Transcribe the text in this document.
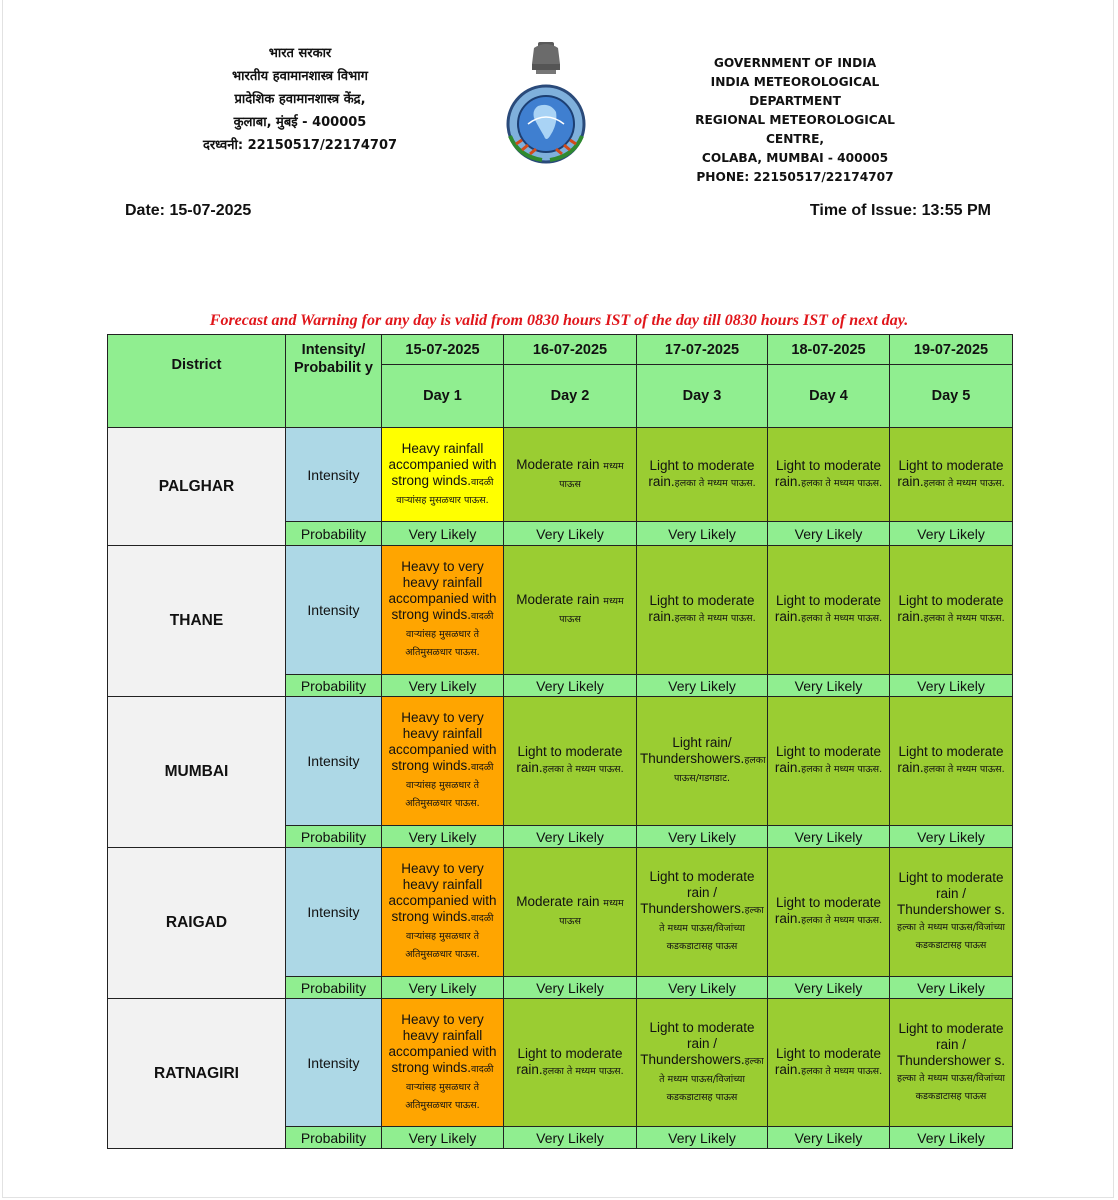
भारत सरकार
भारतीय हवामानशास्त्र विभाग
प्रादेशिक हवामानशास्त्र केंद्र,
कुलाबा, मुंबई - 400005
दरध्वनी: 22150517/22174707
GOVERNMENT OF INDIA
INDIA METEOROLOGICAL DEPARTMENT
REGIONAL METEOROLOGICAL CENTRE,
COLABA, MUMBAI - 400005
PHONE: 22150517/22174707
Date: 15-07-2025	Time of Issue: 13:55 PM
Forecast and Warning for any day is valid from 0830 hours IST of the day till 0830 hours IST of next day.
District	Intensity/ Probabilit y	15-07-2025	16-07-2025	17-07-2025	18-07-2025	19-07-2025
		Day 1	Day 2	Day 3	Day 4	Day 5
PALGHAR	Intensity	Heavy rainfall accompanied with strong winds.वादळी वाऱ्यांसह मुसळधार पाऊस.	Moderate rain मध्यम पाऊस	Light to moderate rain.हलका ते मध्यम पाऊस.	Light to moderate rain.हलका ते मध्यम पाऊस.	Light to moderate rain.हलका ते मध्यम पाऊस.
	Probability	Very Likely	Very Likely	Very Likely	Very Likely	Very Likely
THANE	Intensity	Heavy to very heavy rainfall accompanied with strong winds.वादळी वाऱ्यांसह मुसळधार ते अतिमुसळधार पाऊस.	Moderate rain मध्यम पाऊस	Light to moderate rain.हलका ते मध्यम पाऊस.	Light to moderate rain.हलका ते मध्यम पाऊस.	Light to moderate rain.हलका ते मध्यम पाऊस.
	Probability	Very Likely	Very Likely	Very Likely	Very Likely	Very Likely
MUMBAI	Intensity	Heavy to very heavy rainfall accompanied with strong winds.वादळी वाऱ्यांसह मुसळधार ते अतिमुसळधार पाऊस.	Light to moderate rain.हलका ते मध्यम पाऊस.	Light rain/ Thundershowers.हलका पाऊस/गडगडाट.	Light to moderate rain.हलका ते मध्यम पाऊस.	Light to moderate rain.हलका ते मध्यम पाऊस.
	Probability	Very Likely	Very Likely	Very Likely	Very Likely	Very Likely
RAIGAD	Intensity	Heavy to very heavy rainfall accompanied with strong winds.वादळी वाऱ्यांसह मुसळधार ते अतिमुसळधार पाऊस.	Moderate rain मध्यम पाऊस	Light to moderate rain / Thundershowers.हल्का ते मध्यम पाऊस/विजांच्या कडकडाटासह पाऊस	Light to moderate rain.हलका ते मध्यम पाऊस.	Light to moderate rain / Thundershower s. हल्का ते मध्यम पाऊस/विजांच्या कडकडाटासह पाऊस
	Probability	Very Likely	Very Likely	Very Likely	Very Likely	Very Likely
RATNAGIRI	Intensity	Heavy to very heavy rainfall accompanied with strong winds.वादळी वाऱ्यांसह मुसळधार ते अतिमुसळधार पाऊस.	Light to moderate rain.हलका ते मध्यम पाऊस.	Light to moderate rain / Thundershowers.हल्का ते मध्यम पाऊस/विजांच्या कडकडाटासह पाऊस	Light to moderate rain.हलका ते मध्यम पाऊस.	Light to moderate rain / Thundershower s. हल्का ते मध्यम पाऊस/विजांच्या कडकडाटासह पाऊस
	Probability	Very Likely	Very Likely	Very Likely	Very Likely	Very Likely
